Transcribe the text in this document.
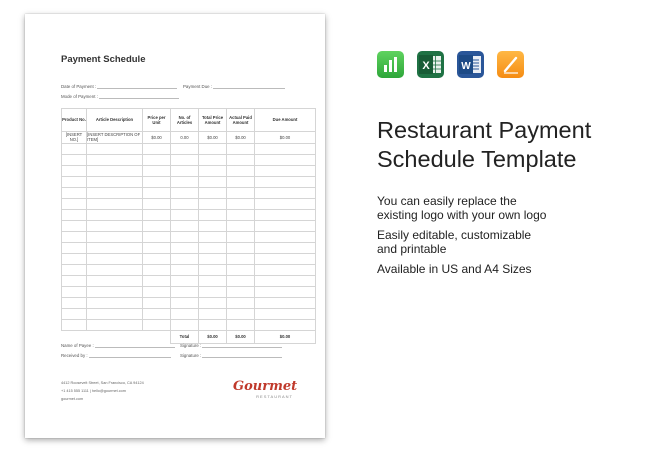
Payment Schedule
Date of Payment :	Payment Due :
Mode of Payment :
Product No.	Article Description	Price per Unit	No. of Articles	Total Price Amount	Actual Paid Amount	Due Amount
[INSERT NO.]	[INSERT DESCRIPTION OF ITEM]	$0.00	0.00	$0.00	$0.00	$0.00

			Total	$0.00	$0.00	$0.00
Name of Payee :	Signature :
Received by :	Signature :
4412 Roosevelt Street, San Francisco, CA 94124
+1 415 555 1111 | hello@gourmet.com
gourmet.com
Gourmet
RESTAURANT
X	W
Restaurant Payment
Schedule Template

You can easily replace the
existing logo with your own logo

Easily editable, customizable
and printable

Available in US and A4 Sizes
